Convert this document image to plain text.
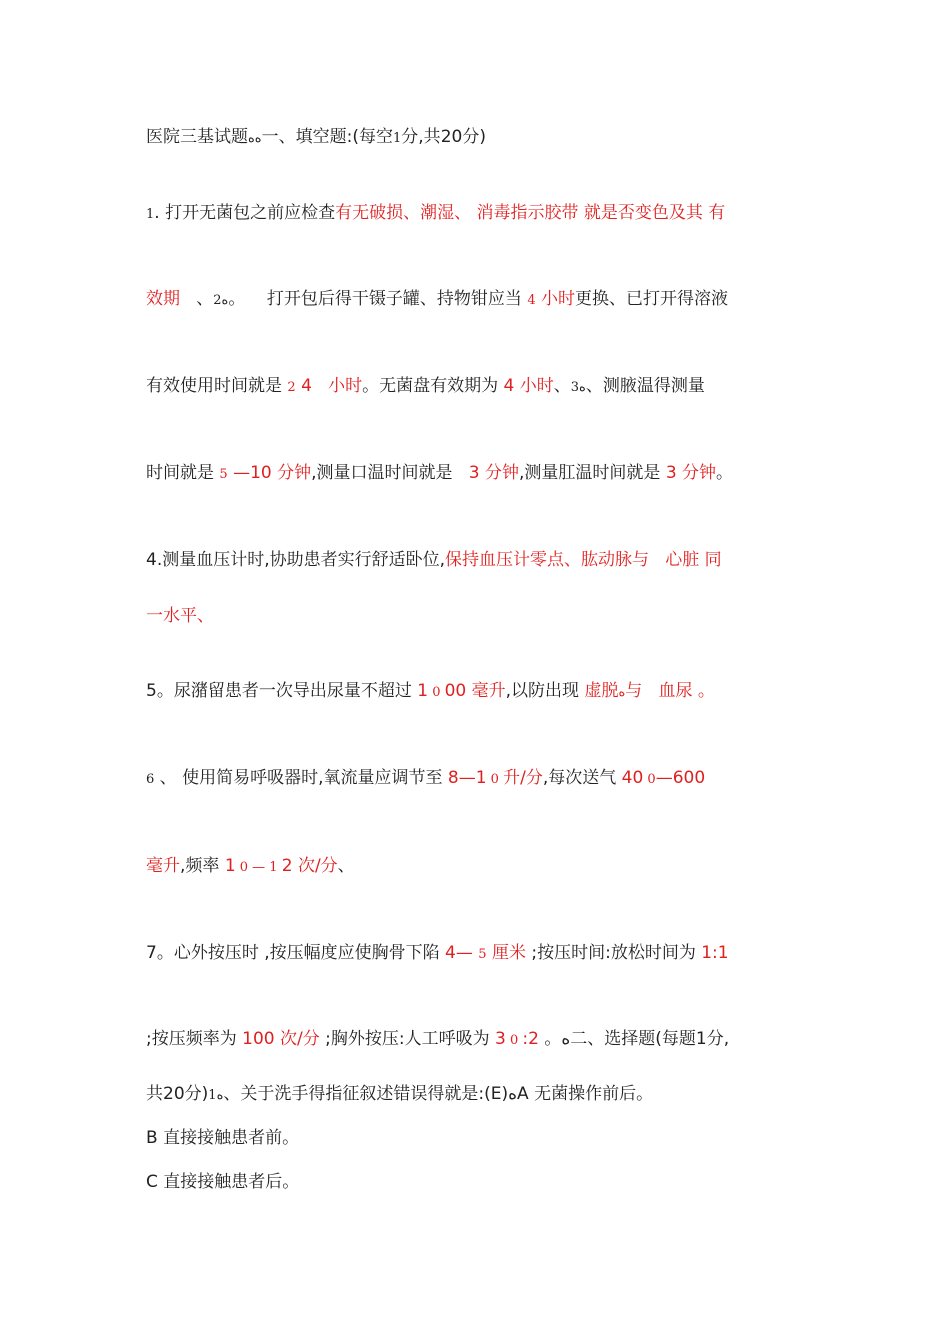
医院三基试题ﻩﻩ一、填空题:(每空1分,共20分)
1. 打开无菌包之前应检查有无破损、潮湿、 消毒指示胶带 就是否变色及其 有
效期   、2ﻩ。    打开包后得干镊子罐、持物钳应当 4 小时更换、已打开得溶液
有效使用时间就是 2 4   小时。无菌盘有效期为 4 小时、3ﻩ、测腋温得测量
时间就是 5 —10 分钟,测量口温时间就是   3 分钟,测量肛温时间就是 3 分钟。
4.测量血压计时,协助患者实行舒适卧位,保持血压计零点、肱动脉与   心脏 同
一水平、
5。尿潴留患者一次导出尿量不超过 1 0 00 毫升,以防出现 虚脱ﻩ与   血尿 。
6 、 使用简易呼吸器时,氧流量应调节至 8—1 0 升/分,每次送气 40 0—600
毫升,频率 1 0 — 1 2 次/分、
7。心外按压时 ,按压幅度应使胸骨下陷 4— 5 厘米 ;按压时间:放松时间为 1:1
;按压频率为 100 次/分 ;胸外按压:人工呼吸为 3 0 :2 。ﻩ二、选择题(每题1分,
共20分)1ﻩ、关于洗手得指征叙述错误得就是:(E)ﻩA 无菌操作前后。
B 直接接触患者前。
C 直接接触患者后。
